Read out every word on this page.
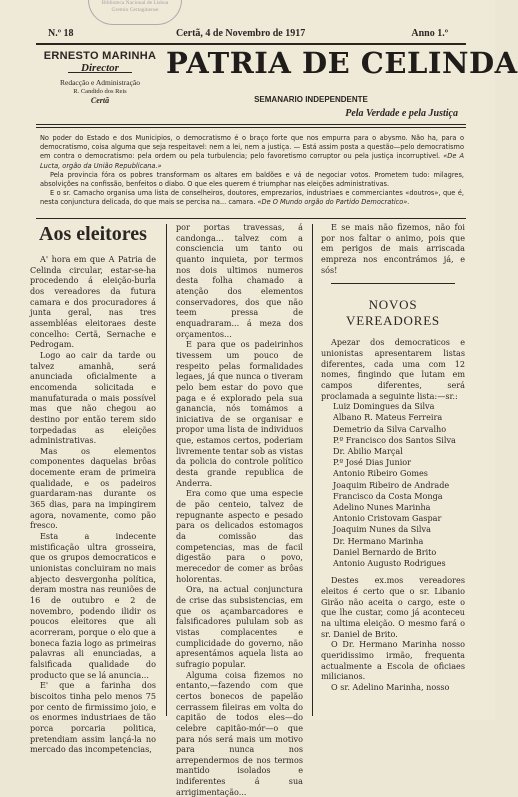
Biblioteca Nacional de Lisboa
Gremio Certaginense
N.º 18	Certã, 4 de Novembro de 1917	Anno 1.º
ERNESTO MARINHA
Director
Redacção e Administração
R. Candido dos Reis
Certã
PATRIA DE CELINDA
SEMANARIO INDEPENDENTE
Pela Verdade e pela Justiça

No poder do Estado e dos Municipios, o democratismo é o braço forte que nos empurra para o abysmo. Não ha, para o democratismo, coisa alguma que seja respeitavel: nem a lei, nem a justiça. — Está assim posta a questão—pelo democratismo em contra o democratismo: pela ordem ou pela turbulencia; pelo favoretismo corruptor ou pela justiça incorruptivel. «De A Lucta, orgão da União Republicana.»

Pela provincia fóra os pobres transformam os altares em baldões e vá de negociar votos. Prometem tudo: milagres, absolvições na confissão, benfeitos o diabo. O que eles querem é triumphar nas eleições administrativas.

E o sr. Camacho organisa uma lista de conselheiros, doutores, emprezarios, industriaes e commerciantes «doutros», que é, nesta conjunctura delicada, do que mais se percisa na... camara. «De O Mundo orgão do Partido Democratico».

Aos eleitores

A' hora em que A Patria de Celinda circular, estar-se-ha procedendo á eleição-burla dos vereadores da futura camara e dos procuradores á junta geral, nas tres assembléas eleitoraes deste concelho: Certã, Sernache e Pedrogam.

Logo ao cair da tarde ou talvez amanhã, será anunciada oficialmente a encomenda solicitada e manufaturada o mais possível mas que não chegou ao destino por então terem sido torpedadas as eleições administrativas.

Mas os elementos componentes daquelas brôas docemente eram de primeira qualidade, e os padeiros guardaram-nas durante os 365 dias, para na impingirem agora, novamente, como pão fresco.

Esta a indecente mistificação ultra grosseira, que os grupos democraticos e unionistas concluiram no mais abjecto desvergonha política, deram mostra nas reuniões de 16 de outubro e 2 de novembro, podendo ilidir os poucos eleitores que ali acorreram, porque o elo que a boneca fazia logo as primeiras palavras ali enunciadas, a falsificada qualidade do producto que se lá anuncia...

E' que a farinha dos biscoitos tinha pelo menos 75 por cento de firmissimo joio, e os enormes industriaes de tão porca porcaria politica, pretendiam assim lançá-la no mercado das incompetencias,

por portas travessas, á candonga... talvez com a consciencia um tanto ou quanto inquieta, por termos nos dois ultimos numeros desta folha chamado a atenção dos elementos conservadores, dos que não teem pressa de enquadraram... á meza dos orçamentos...

E para que os padeirinhos tivessem um pouco de respeito pelas formalidades legaes, já que nunca o tiveram pelo bem estar do povo que paga e é explorado pela sua ganancia, nós tomámos a iniciativa de se organisar e propor uma lista de individuos que, estamos certos, poderiam livremente tentar sob as vistas da policia do controle político desta grande republica de Anderra.

Era como que uma especie de pão centeio, talvez de repugnante aspecto e pesado para os delicados estomagos da comissão das competencias, mas de facil digestão para o povo, merecedor de comer as brôas holorentas.

Ora, na actual conjunctura de crise das subsistencias, em que os açambarcadores e falsificadores pululam sob as vistas complacentes e cumplicidade do governo, não apresentámos aquela lista ao sufragio popular.

Alguma coisa fizemos no entanto,—fazendo com que certos bonecos de papelão cerrassem fileiras em volta do capitão de todos eles—do celebre capitão-mór—o que para nós será mais um motivo para nunca nos arrependermos de nos termos mantido isolados e indiferentes á sua arrigimentação...

E se mais não fizemos, não foi por nos faltar o animo, pois que em perigos de mais arriscada empreza nos encontrámos já, e sós!

NOVOS VEREADORES

Apezar dos democraticos e unionistas apresentarem listas diferentes, cada uma com 12 nomes, fingindo que lutam em campos diferentes, será proclamada a seguinte lista:—sr.:

Luiz Domingues da Silva
Albano R. Mateus Ferreira
Demetrio da Silva Carvalho
P.º Francisco dos Santos Silva
Dr. Abilio Marçal
P.º José Dias Junior
Antonio Ribeiro Gomes
Joaquim Ribeiro de Andrade
Francisco da Costa Monga
Adelino Nunes Marinha
Antonio Cristovam Gaspar
Joaquim Nunes da Silva
Dr. Hermano Marinha
Daniel Bernardo de Brito
Antonio Augusto Rodrigues

Destes ex.mos vereadores eleitos é certo que o sr. Libanio Girão não aceita o cargo, este o que lhe custar, como já aconteceu na ultima eleição. O mesmo fará o sr. Daniel de Brito.

O Dr. Hermano Marinha nosso queridissimo irmão, frequenta actualmente a Escola de oficiaes milicianos.

O sr. Adelino Marinha, nosso
